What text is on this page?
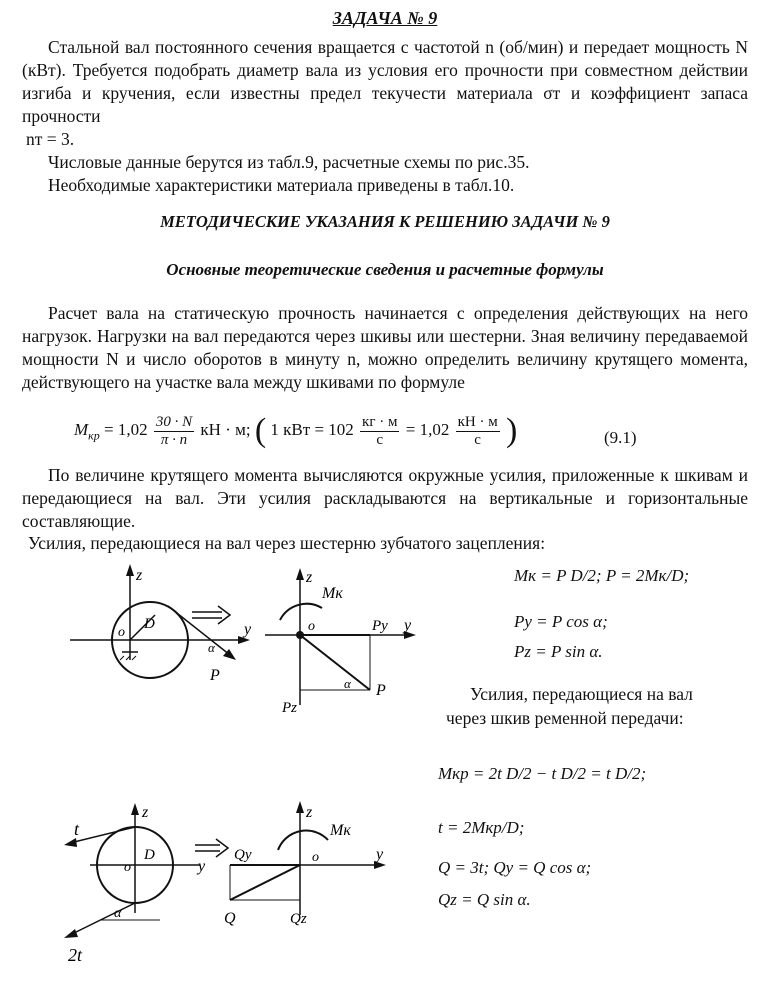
ЗАДАЧА № 9

Стальной вал постоянного сечения вращается с частотой n (об/мин) и передает мощность N (кВт). Требуется подобрать диаметр вала из условия его прочности при совместном действии изгиба и кручения, если известны предел текучести материала σт и коэффициент запаса прочности

nт = 3.

Числовые данные берутся из табл.9, расчетные схемы по рис.35.

Необходимые характеристики материала приведены в табл.10.

МЕТОДИЧЕСКИЕ УКАЗАНИЯ К РЕШЕНИЮ ЗАДАЧИ № 9
Основные теоретические сведения и расчетные формулы

Расчет вала на статическую прочность начинается с определения действующих на него нагрузок. Нагрузки на вал передаются через шкивы или шестерни. Зная величину передаваемой мощности N и число оборотов в минуту n, можно определить величину крутящего момента, действующего на участке вала между шкивами по формуле

$M_{кр} = 1,02 \frac{30 \cdot N}{\pi \cdot n}$ кН · м; ( 1 кВт = $102 \frac{кг \cdot м}{с} = 1,02 \frac{кН \cdot м}{с}$ )	(9.1)

По величине крутящего момента вычисляются окружные усилия, приложенные к шкивам и передающиеся на вал. Эти усилия раскладываются на вертикальные и горизонтальные составляющие.

Усилия, передающиеся на вал через шестерню зубчатого зацепления:

z
y
o
D
P
α
z
y
Mк
o	Py
P
α
Pz
Mк = P D/2; P = 2Mк/D;
Py = P cos α;
Pz = P sin α.
Усилия, передающиеся на вал
через шкив ременной передачи:
Mкр = 2t D/2 − t D/2 = t D/2;
t = 2Mкр/D;
Q = 3t; Qy = Q cos α;
Qz = Q sin α.
z
y
o
D
t
α
2t
z
y
Mк
o
Qy
Q	Qz
